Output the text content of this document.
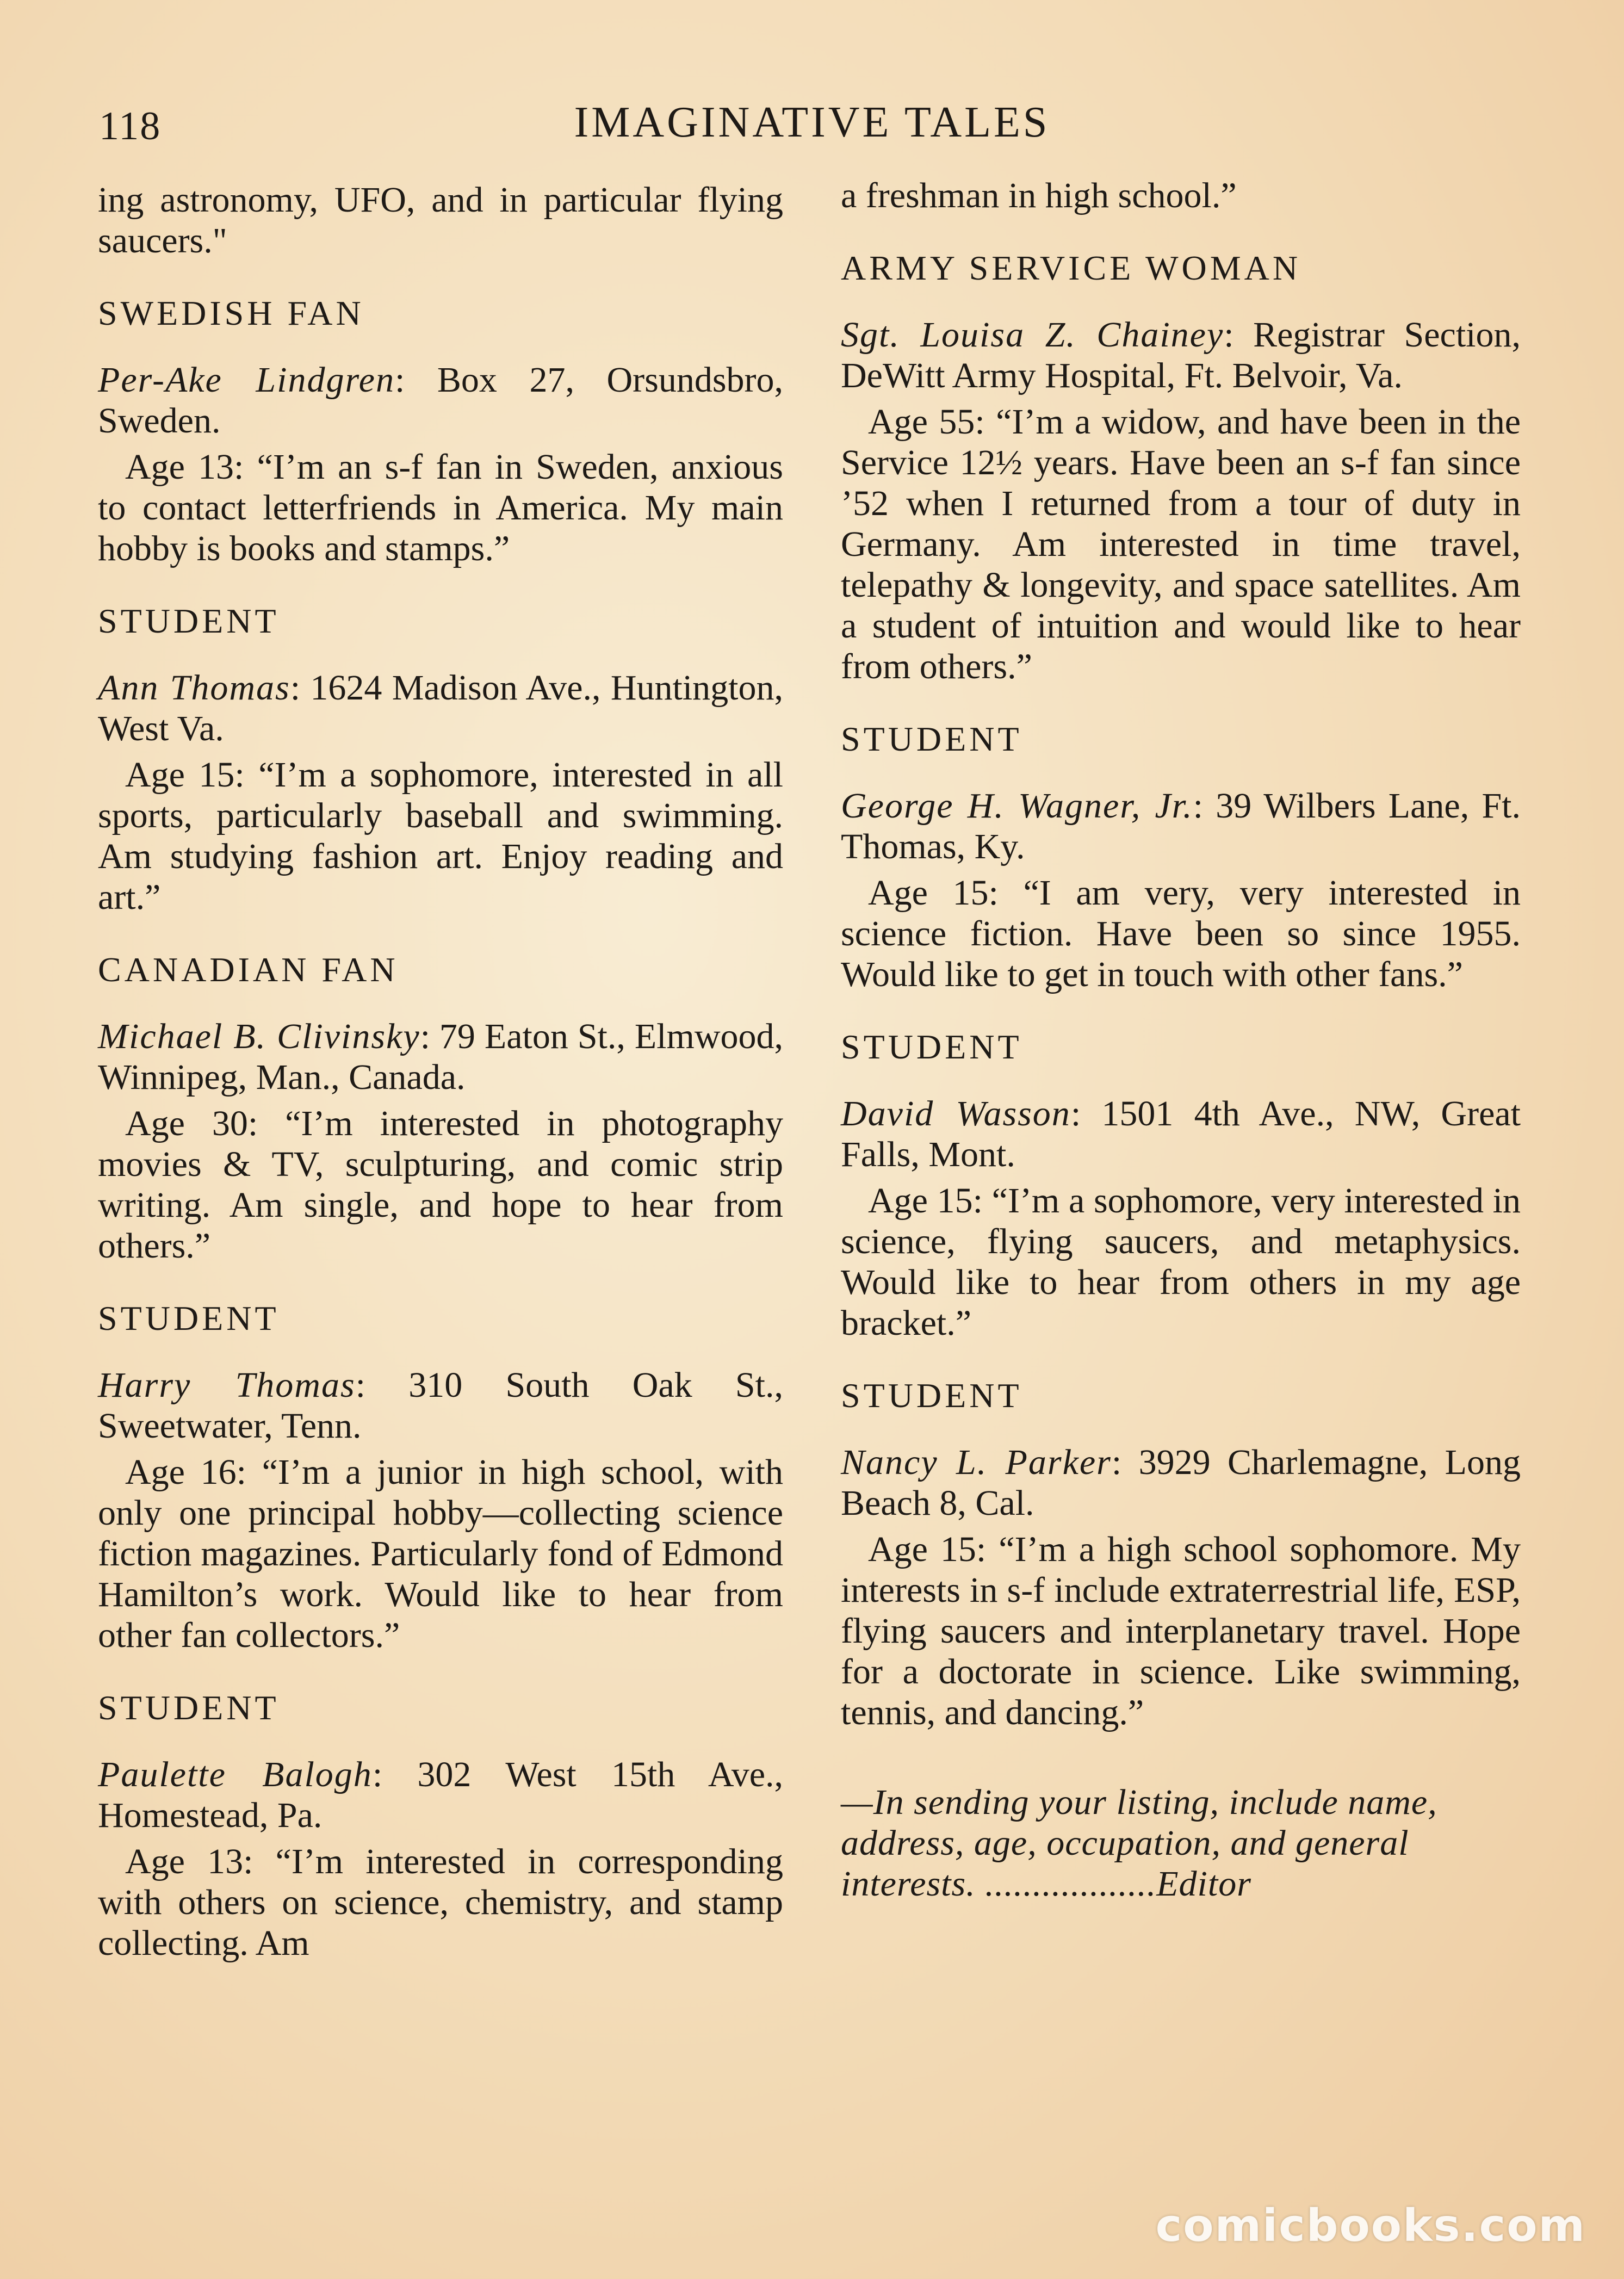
118	IMAGINATIVE TALES

ing astronomy, UFO, and in particular flying saucers."

SWEDISH FAN

Per-Ake Lindgren: Box 27, Orsundsbro, Sweden.

Age 13: “I’m an s-f fan in Sweden, anxious to contact letterfriends in America. My main hobby is books and stamps.”

STUDENT

Ann Thomas: 1624 Madison Ave., Huntington, West Va.

Age 15: “I’m a sophomore, interested in all sports, particularly baseball and swimming. Am studying fashion art. Enjoy reading and art.”

CANADIAN FAN

Michael B. Clivinsky: 79 Eaton St., Elmwood, Winnipeg, Man., Canada.

Age 30: “I’m interested in photography movies & TV, sculpturing, and comic strip writing. Am single, and hope to hear from others.”

STUDENT

Harry Thomas: 310 South Oak St., Sweetwater, Tenn.

Age 16: “I’m a junior in high school, with only one principal hobby—collecting science fiction magazines. Particularly fond of Edmond Hamilton’s work. Would like to hear from other fan collectors.”

STUDENT

Paulette Balogh: 302 West 15th Ave., Homestead, Pa.

Age 13: “I’m interested in corresponding with others on science, chemistry, and stamp collecting. Am

a freshman in high school.”

ARMY SERVICE WOMAN

Sgt. Louisa Z. Chainey: Registrar Section, DeWitt Army Hospital, Ft. Belvoir, Va.

Age 55: “I’m a widow, and have been in the Service 12½ years. Have been an s-f fan since ’52 when I returned from a tour of duty in Germany. Am interested in time travel, telepathy & longevity, and space satellites. Am a student of intuition and would like to hear from others.”

STUDENT

George H. Wagner, Jr.: 39 Wilbers Lane, Ft. Thomas, Ky.

Age 15: “I am very, very interested in science fiction. Have been so since 1955. Would like to get in touch with other fans.”

STUDENT

David Wasson: 1501 4th Ave., NW, Great Falls, Mont.

Age 15: “I’m a sophomore, very interested in science, flying saucers, and metaphysics. Would like to hear from others in my age bracket.”

STUDENT

Nancy L. Parker: 3929 Charlemagne, Long Beach 8, Cal.

Age 15: “I’m a high school sophomore. My interests in s-f include extraterrestrial life, ESP, flying saucers and interplanetary travel. Hope for a doctorate in science. Like swimming, tennis, and dancing.”

—In sending your listing, include name, address, age, occupation, and general interests. ..................Editor

comicbooks.com
